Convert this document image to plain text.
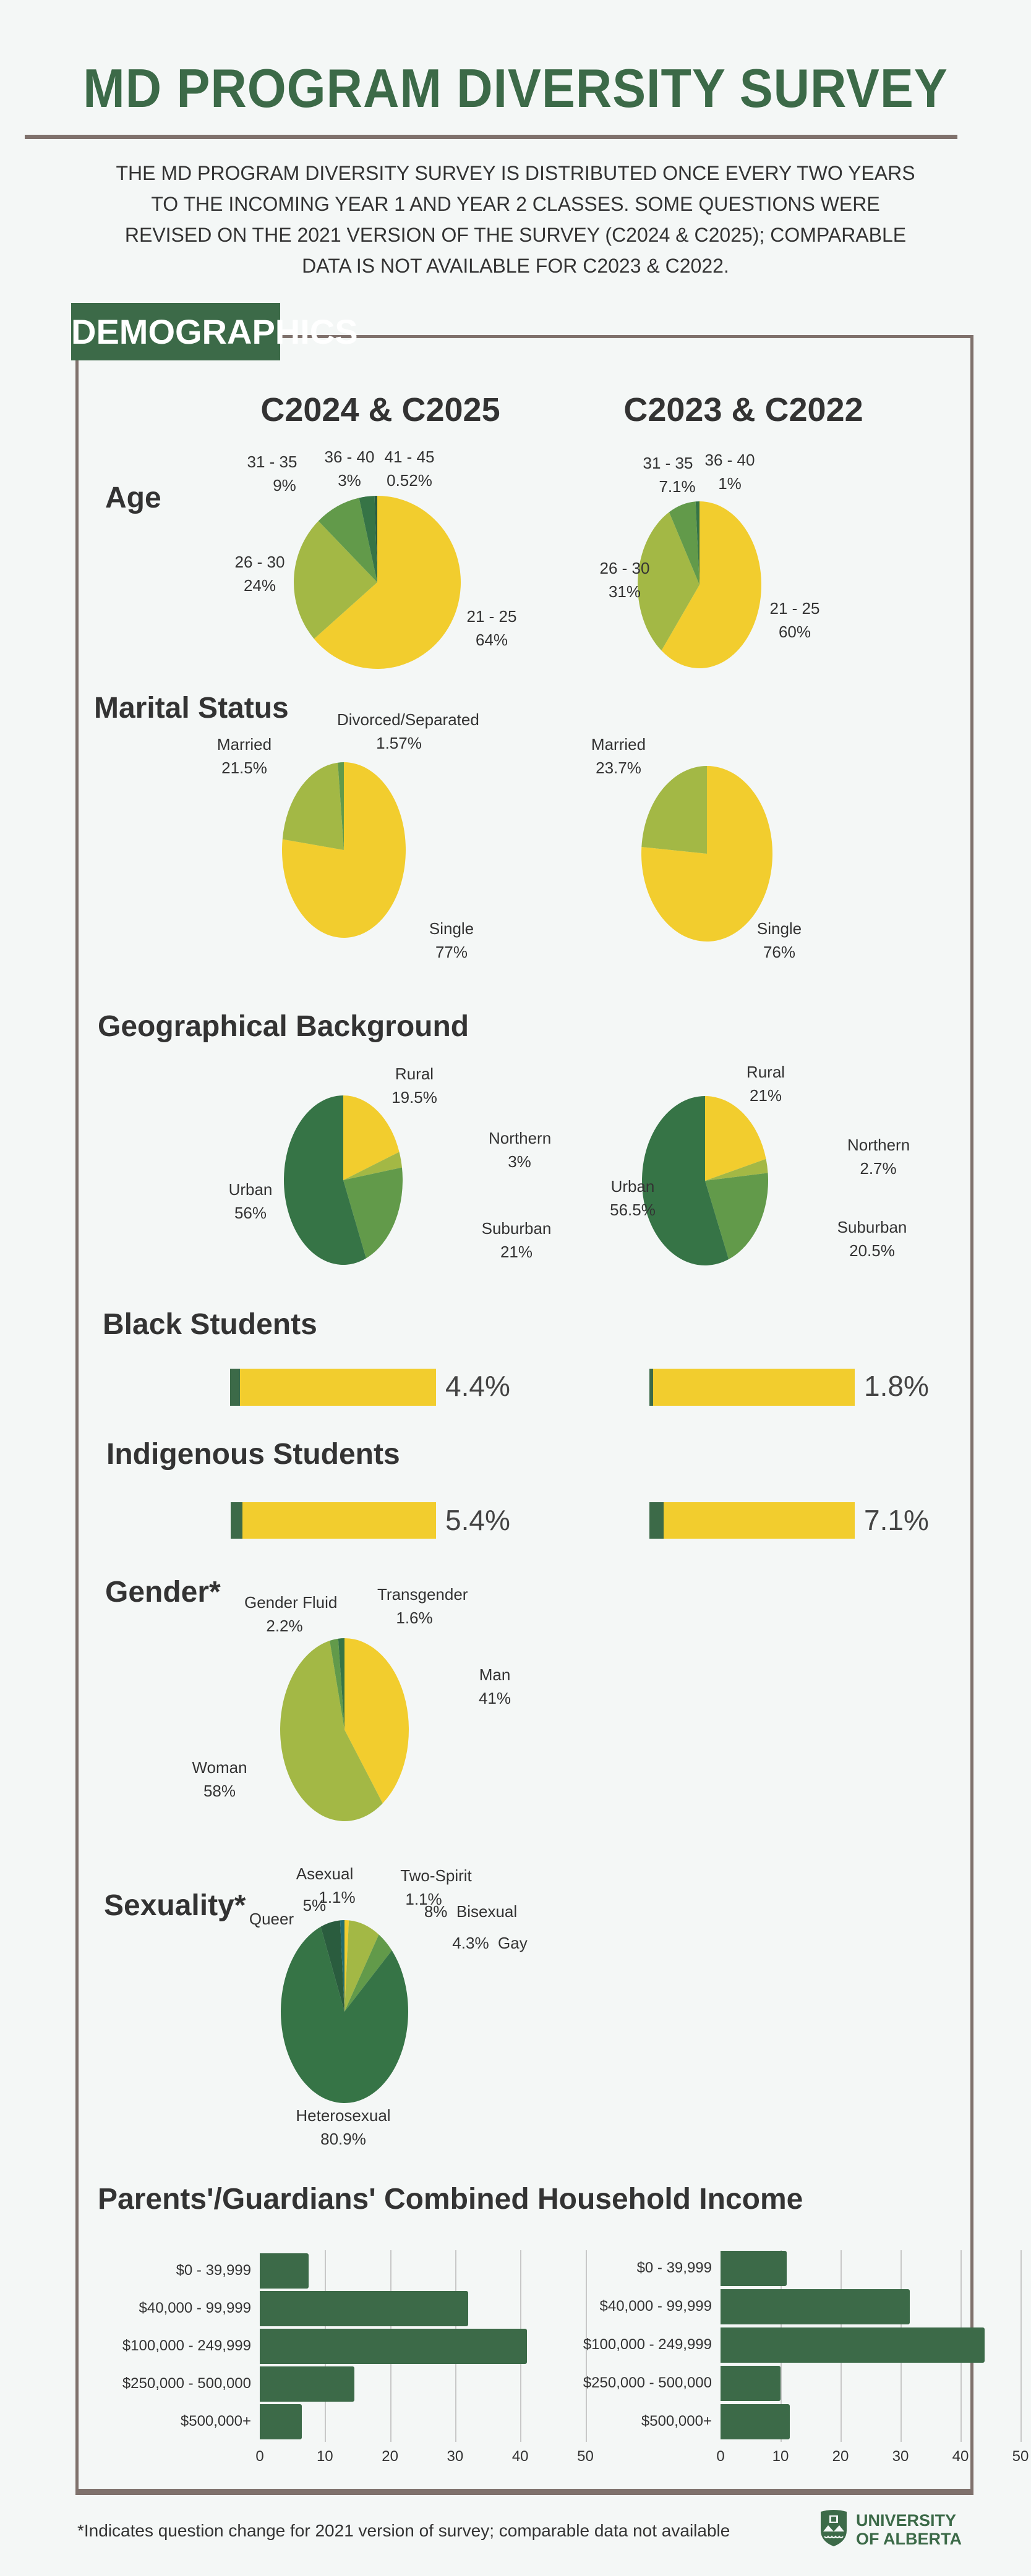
MD PROGRAM DIVERSITY SURVEY
THE MD PROGRAM DIVERSITY SURVEY IS DISTRIBUTED ONCE EVERY TWO YEARS
TO THE INCOMING YEAR 1 AND YEAR 2 CLASSES. SOME QUESTIONS WERE
REVISED ON THE 2021 VERSION OF THE SURVEY (C2024 & C2025); COMPARABLE
DATA IS NOT AVAILABLE FOR C2023 & C2022.
DEMOGRAPHICS
C2024 & C2025	C2023 & C2022
Age
26 - 30
24%
31 - 35
9%
36 - 40
3%
41 - 45
0.52%
21 - 25
64%
26 - 30
31%
31 - 35
7.1%
36 - 40
1%
21 - 25
60%
Marital Status	Divorced/Separated
1.57%
Married
21.5%
Single
77%
Married
23.7%
Single
76%
Geographical Background
Rural
19.5%
Northern
3%
Suburban
21%
Urban
56%
Rural
21%
Northern
2.7%
Suburban
20.5%
Urban
56.5%
Black Students
4.4%	1.8%
Indigenous Students
5.4%	7.1%
Gender* Gender Fluid
2.2%
Transgender
1.6%
Man
41%
Woman
58%
Sexuality*
Asexual
1.1%
Two-Spirit
1.1%
8% Bisexual
4.3% Gay
Queer  5%
Heterosexual
80.9%
Parents'/Guardians' Combined Household Income
0	10	20	30	40	50
$0 - 39,999
$40,000 - 99,999
$100,000 - 249,999
$250,000 - 500,000
$500,000+
0	10	20	30	40	50
$0 - 39,999
$40,000 - 99,999
$100,000 - 249,999
$250,000 - 500,000
$500,000+
*Indicates question change for 2021 version of survey; comparable data not available
UNIVERSITY
OF ALBERTA
